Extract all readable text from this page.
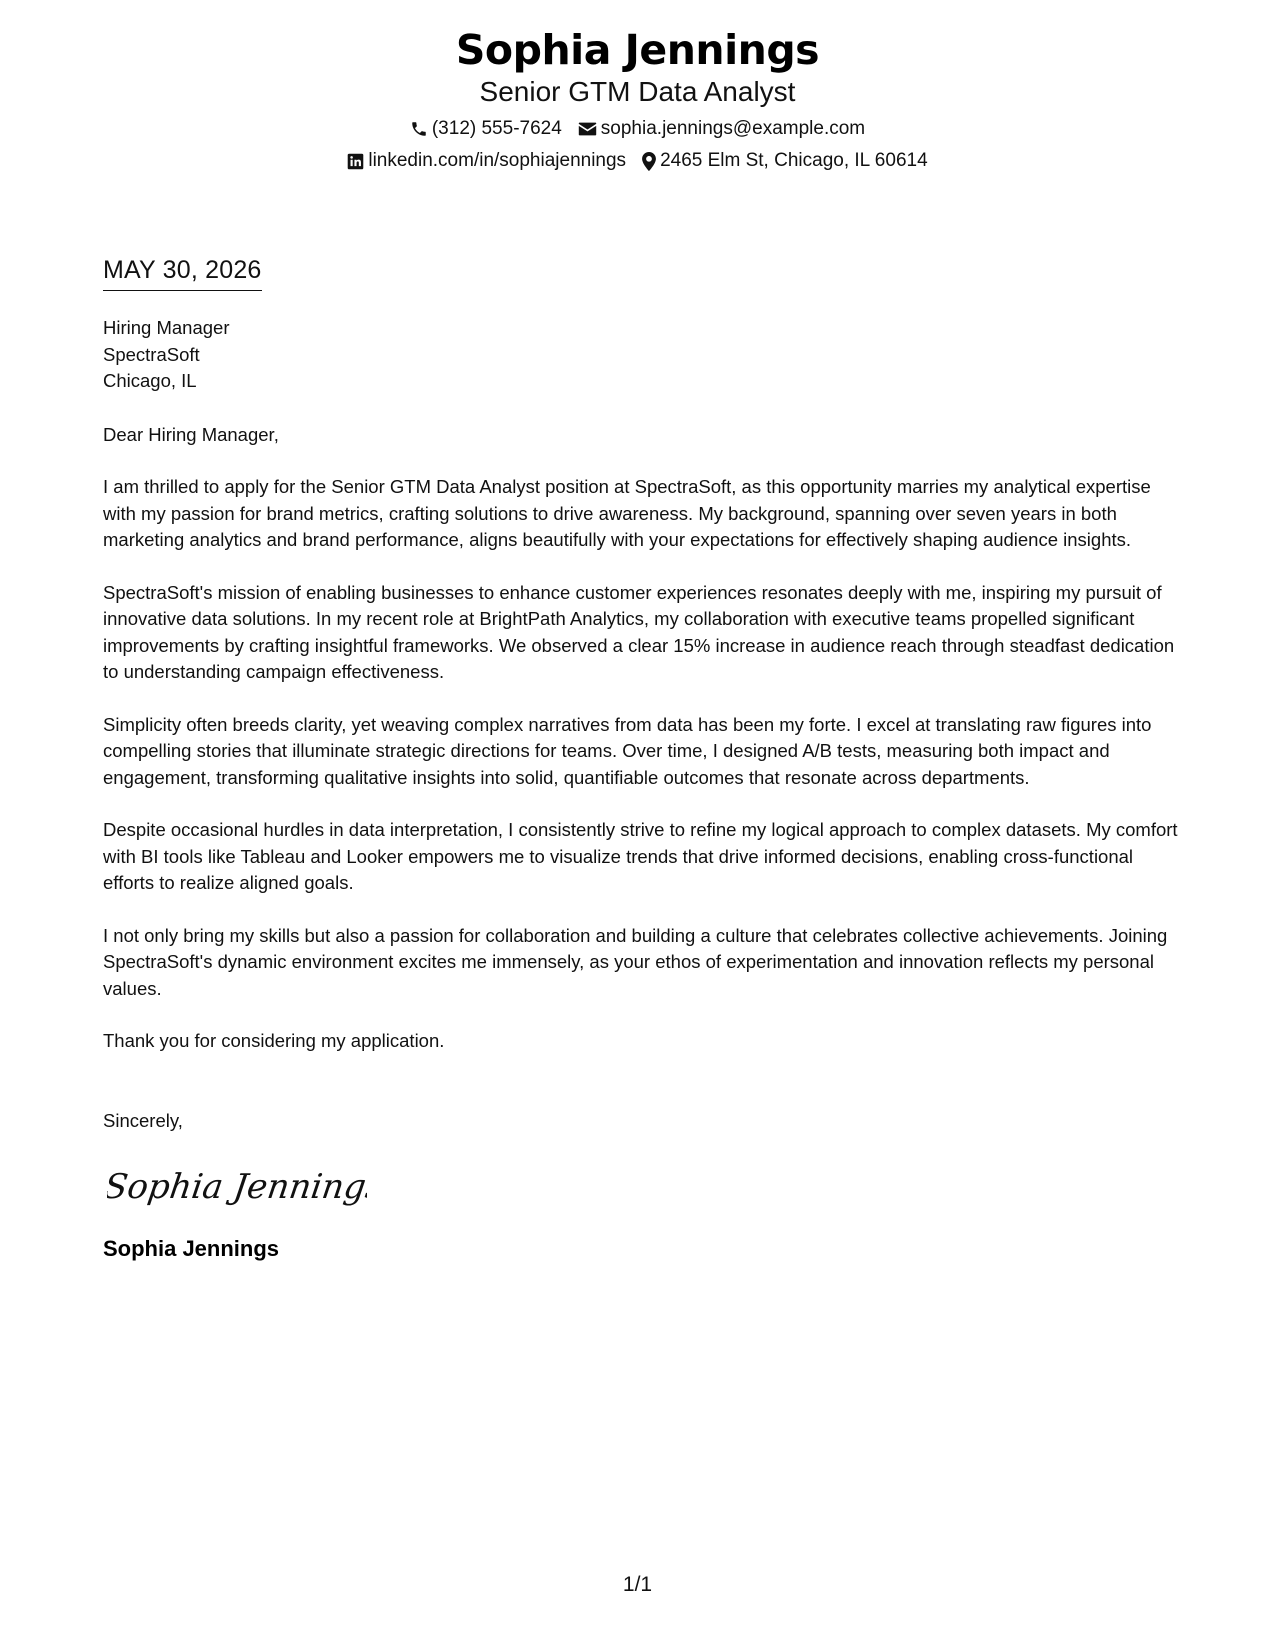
Sophia Jennings
Senior GTM Data Analyst
(312) 555-7624 sophia.jennings@example.com
linkedin.com/in/sophiajennings 2465 Elm St, Chicago, IL 60614
MAY 30, 2026
Hiring Manager
SpectraSoft
Chicago, IL
Dear Hiring Manager,

I am thrilled to apply for the Senior GTM Data Analyst position at SpectraSoft, as this opportunity marries my analytical expertise with my passion for brand metrics, crafting solutions to drive awareness. My background, spanning over seven years in both marketing analytics and brand performance, aligns beautifully with your expectations for effectively shaping audience insights.

SpectraSoft's mission of enabling businesses to enhance customer experiences resonates deeply with me, inspiring my pursuit of innovative data solutions. In my recent role at BrightPath Analytics, my collaboration with executive teams propelled significant improvements by crafting insightful frameworks. We observed a clear 15% increase in audience reach through steadfast dedication to understanding campaign effectiveness.

Simplicity often breeds clarity, yet weaving complex narratives from data has been my forte. I excel at translating raw figures into compelling stories that illuminate strategic directions for teams. Over time, I designed A/B tests, measuring both impact and engagement, transforming qualitative insights into solid, quantifiable outcomes that resonate across departments.

Despite occasional hurdles in data interpretation, I consistently strive to refine my logical approach to complex datasets. My comfort with BI tools like Tableau and Looker empowers me to visualize trends that drive informed decisions, enabling cross-functional efforts to realize aligned goals.

I not only bring my skills but also a passion for collaboration and building a culture that celebrates collective achievements. Joining SpectraSoft's dynamic environment excites me immensely, as your ethos of experimentation and innovation reflects my personal values.

Thank you for considering my application.

Sincerely,
Sophia Jennings
Sophia Jennings
1/1
